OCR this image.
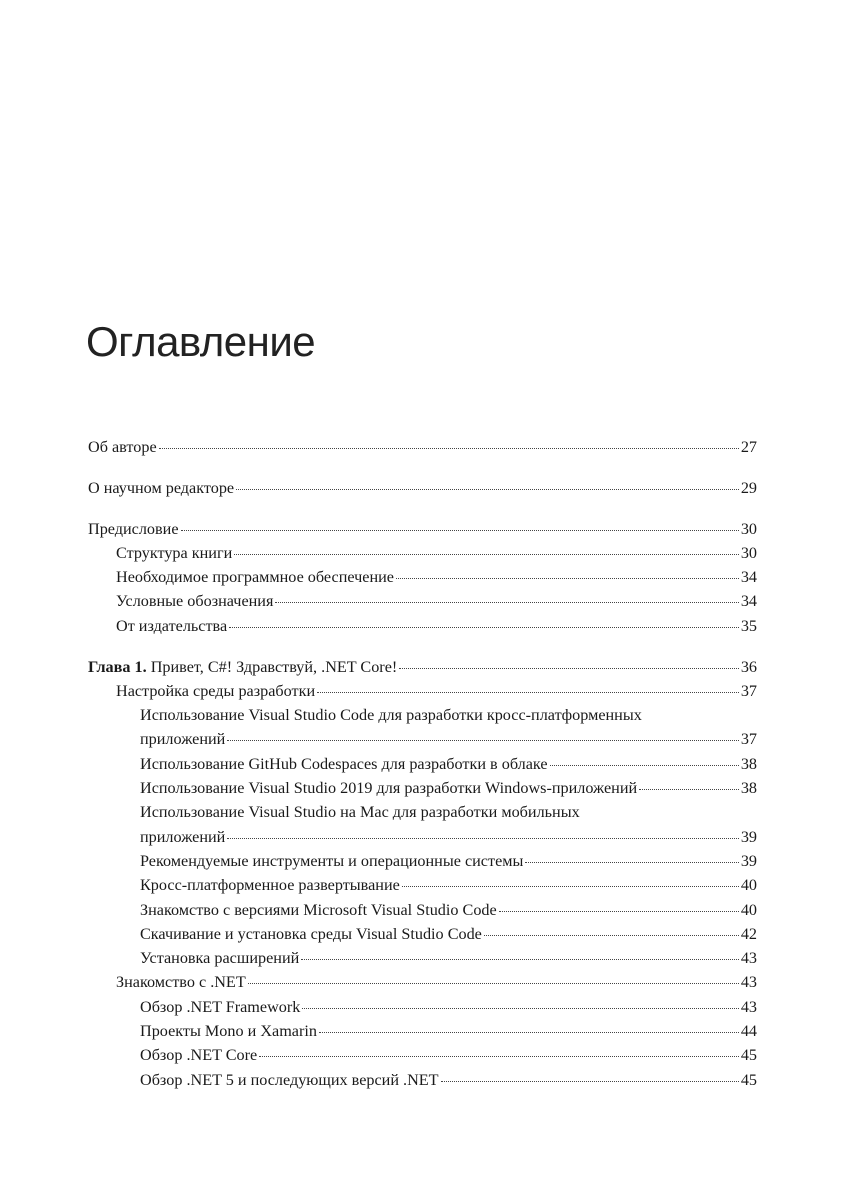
Оглавление
Об авторе	27
О научном редакторе	29
Предисловие	30
Структура книги	30
Необходимое программное обеспечение	34
Условные обозначения	34
От издательства	35
Глава 1. Привет, C#! Здравствуй, .NET Core!	36
Настройка среды разработки	37
Использование Visual Studio Code для разработки кросс-платформенных
приложений	37
Использование GitHub Codespaces для разработки в облаке	38
Использование Visual Studio 2019 для разработки Windows-приложений	38
Использование Visual Studio на Mac для разработки мобильных
приложений	39
Рекомендуемые инструменты и операционные системы	39
Кросс-платформенное развертывание	40
Знакомство с версиями Microsoft Visual Studio Code	40
Скачивание и установка среды Visual Studio Code	42
Установка расширений	43
Знакомство с .NET	43
Обзор .NET Framework	43
Проекты Mono и Xamarin	44
Обзор .NET Core	45
Обзор .NET 5 и последующих версий .NET	45
